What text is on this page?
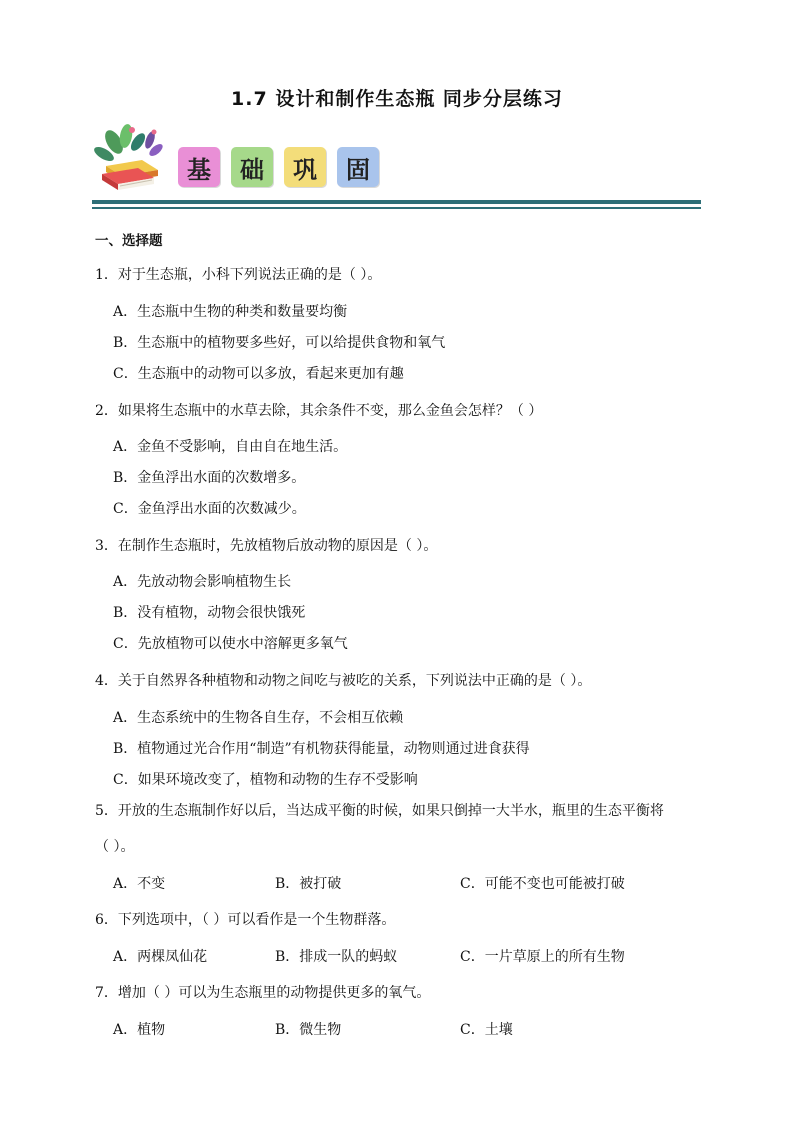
1.7 设计和制作生态瓶 同步分层练习
基	础	巩	固
一、选择题
1．对于生态瓶，小科下列说法正确的是（ ）。
A．生态瓶中生物的种类和数量要均衡
B．生态瓶中的植物要多些好，可以给提供食物和氧气
C．生态瓶中的动物可以多放，看起来更加有趣
2．如果将生态瓶中的水草去除，其余条件不变，那么金鱼会怎样？（ ）
A．金鱼不受影响，自由自在地生活。
B．金鱼浮出水面的次数增多。
C．金鱼浮出水面的次数减少。
3．在制作生态瓶时，先放植物后放动物的原因是（ ）。
A．先放动物会影响植物生长
B．没有植物，动物会很快饿死
C．先放植物可以使水中溶解更多氧气
4．关于自然界各种植物和动物之间吃与被吃的关系，下列说法中正确的是（ ）。
A．生态系统中的生物各自生存，不会相互依赖
B．植物通过光合作用“制造”有机物获得能量，动物则通过进食获得
C．如果环境改变了，植物和动物的生存不受影响
5．开放的生态瓶制作好以后，当达成平衡的时候，如果只倒掉一大半水，瓶里的生态平衡将
（ ）。
A．不变	B．被打破	C．可能不变也可能被打破
6．下列选项中，（ ）可以看作是一个生物群落。
A．两棵凤仙花	B．排成一队的蚂蚁	C．一片草原上的所有生物
7．增加（ ）可以为生态瓶里的动物提供更多的氧气。
A．植物	B．微生物	C．土壤
